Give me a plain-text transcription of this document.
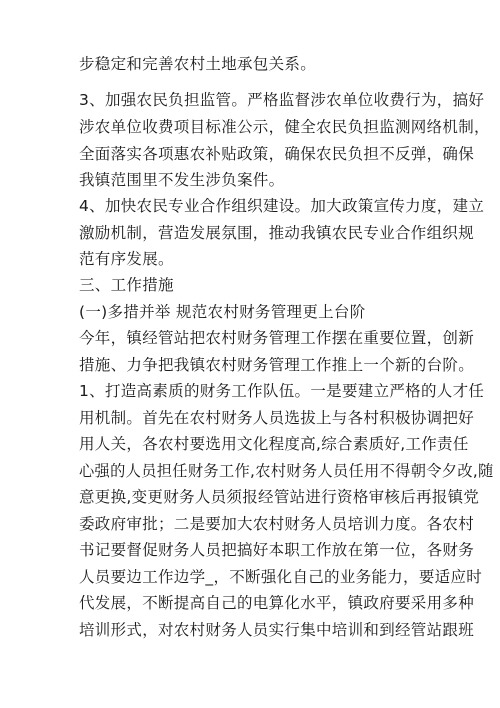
步稳定和完善农村土地承包关系。
3、加强农民负担监管。严格监督涉农单位收费行为，搞好
涉农单位收费项目标准公示，健全农民负担监测网络机制，
全面落实各项惠农补贴政策，确保农民负担不反弹，确保
我镇范围里不发生涉负案件。
4、加快农民专业合作组织建设。加大政策宣传力度，建立
激励机制，营造发展氛围，推动我镇农民专业合作组织规
范有序发展。
三、工作措施
(一)多措并举 规范农村财务管理更上台阶
今年，镇经管站把农村财务管理工作摆在重要位置，创新
措施、力争把我镇农村财务管理工作推上一个新的台阶。
1、打造高素质的财务工作队伍。一是要建立严格的人才任
用机制。首先在农村财务人员选拔上与各村积极协调把好
用人关，各农村要选用文化程度高,综合素质好,工作责任
心强的人员担任财务工作,农村财务人员任用不得朝令夕改,随
意更换,变更财务人员须报经管站进行资格审核后再报镇党
委政府审批；二是要加大农村财务人员培训力度。各农村
书记要督促财务人员把搞好本职工作放在第一位，各财务
人员要边工作边学_，不断强化自己的业务能力，要适应时
代发展，不断提高自己的电算化水平，镇政府要采用多种
培训形式，对农村财务人员实行集中培训和到经管站跟班
